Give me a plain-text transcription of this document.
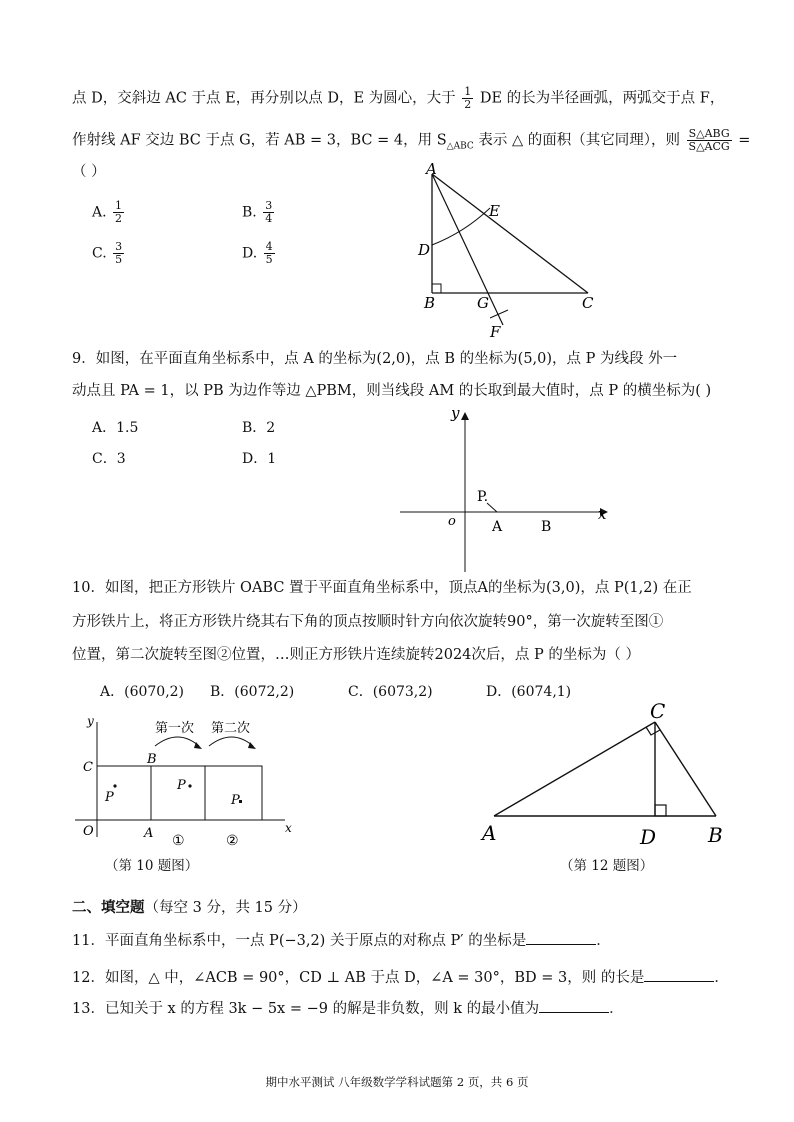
点 D，交斜边 AC 于点 E，再分别以点 D，E 为圆心，大于 $\frac{1}{2}$ DE 的长为半径画弧，两弧交于点 F，
作射线 AF 交边 BC 于点 G，若 AB = 3，BC = 4，用 $S_{\triangle ABC}$ 表示 △ 的面积（其它同理），则 $\frac{\text{S△ABG}}{\text{S△ACG}}$ =
（ ）
A. $\frac{1}{2}$	B. $\frac{3}{4}$
C. $\frac{3}{5}$	D. $\frac{4}{5}$
A
D
E
B	G	C
F
9．如图，在平面直角坐标系中，点 A 的坐标为(2,0)，点 B 的坐标为(5,0)，点 P 为线段 外一
动点且 PA = 1，以 PB 为边作等边 △PBM，则当线段 AM 的长取到最大值时，点 P 的横坐标为( )
A．1.5	B．2
C．3	D．1
y
x
o
P.
A	B
10．如图，把正方形铁片 OABC 置于平面直角坐标系中，顶点A的坐标为(3,0)，点 P(1,2) 在正
方形铁片上，将正方形铁片绕其右下角的顶点按顺时针方向依次旋转90°，第一次旋转至图①
位置，第二次旋转至图②位置，…则正方形铁片连续旋转2024次后，点 P 的坐标为（ ）
A．(6070,2) B．(6072,2)	C．(6073,2)	D．(6074,1)
y
x
O	A
B
C
P
P
P
第一次 第二次
①	②
（第 10 题图）
A	B
C
D
（第 12 题图）
二、填空题（每空 3 分，共 15 分）
11．平面直角坐标系中，一点 P(−3,2) 关于原点的对称点 P′ 的坐标是	．
12．如图，△ 中，∠ACB = 90°，CD ⊥ AB 于点 D，∠A = 30°，BD = 3，则 的长是	．
13．已知关于 x 的方程 3k − 5x = −9 的解是非负数，则 k 的最小值为	．
期中水平测试 八年级数学学科试题第 2 页，共 6 页
